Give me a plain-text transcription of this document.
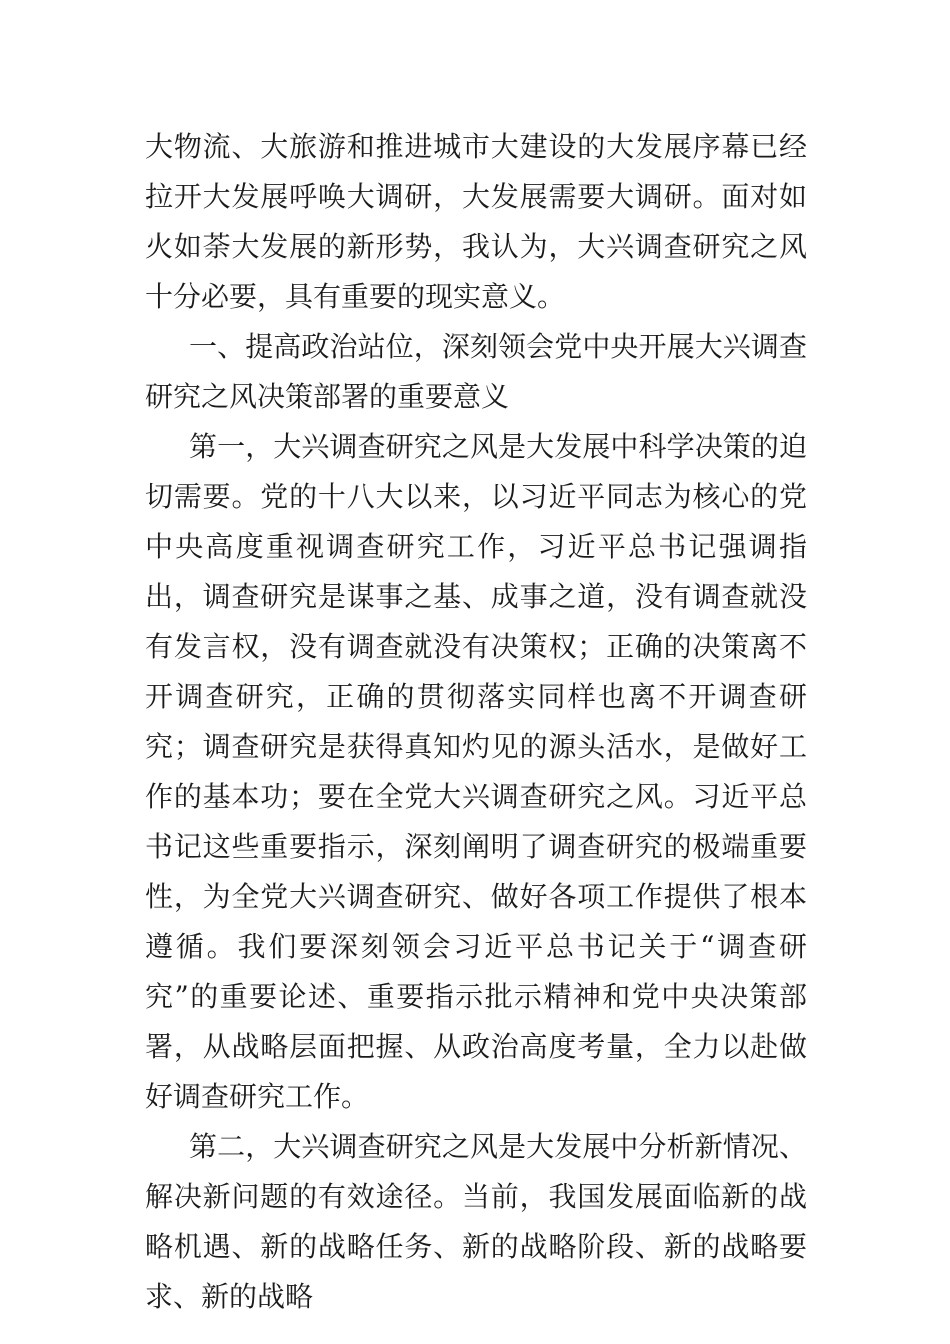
大物流、大旅游和推进城市大建设的大发展序幕已经拉开大发展呼唤大调研，大发展需要大调研。面对如火如荼大发展的新形势，我认为，大兴调查研究之风十分必要，具有重要的现实意义。

一、提高政治站位，深刻领会党中央开展大兴调查研究之风决策部署的重要意义

第一，大兴调查研究之风是大发展中科学决策的迫切需要。党的十八大以来，以习近平同志为核心的党中央高度重视调查研究工作，习近平总书记强调指出，调查研究是谋事之基、成事之道，没有调查就没有发言权，没有调查就没有决策权；正确的决策离不开调查研究，正确的贯彻落实同样也离不开调查研究；调查研究是获得真知灼见的源头活水，是做好工作的基本功；要在全党大兴调查研究之风。习近平总书记这些重要指示，深刻阐明了调查研究的极端重要性，为全党大兴调查研究、做好各项工作提供了根本遵循。我们要深刻领会习近平总书记关于“调查研究”的重要论述、重要指示批示精神和党中央决策部署，从战略层面把握、从政治高度考量，全力以赴做好调查研究工作。

第二，大兴调查研究之风是大发展中分析新情况、解决新问题的有效途径。当前，我国发展面临新的战略机遇、新的战略任务、新的战略阶段、新的战略要求、新的战略
